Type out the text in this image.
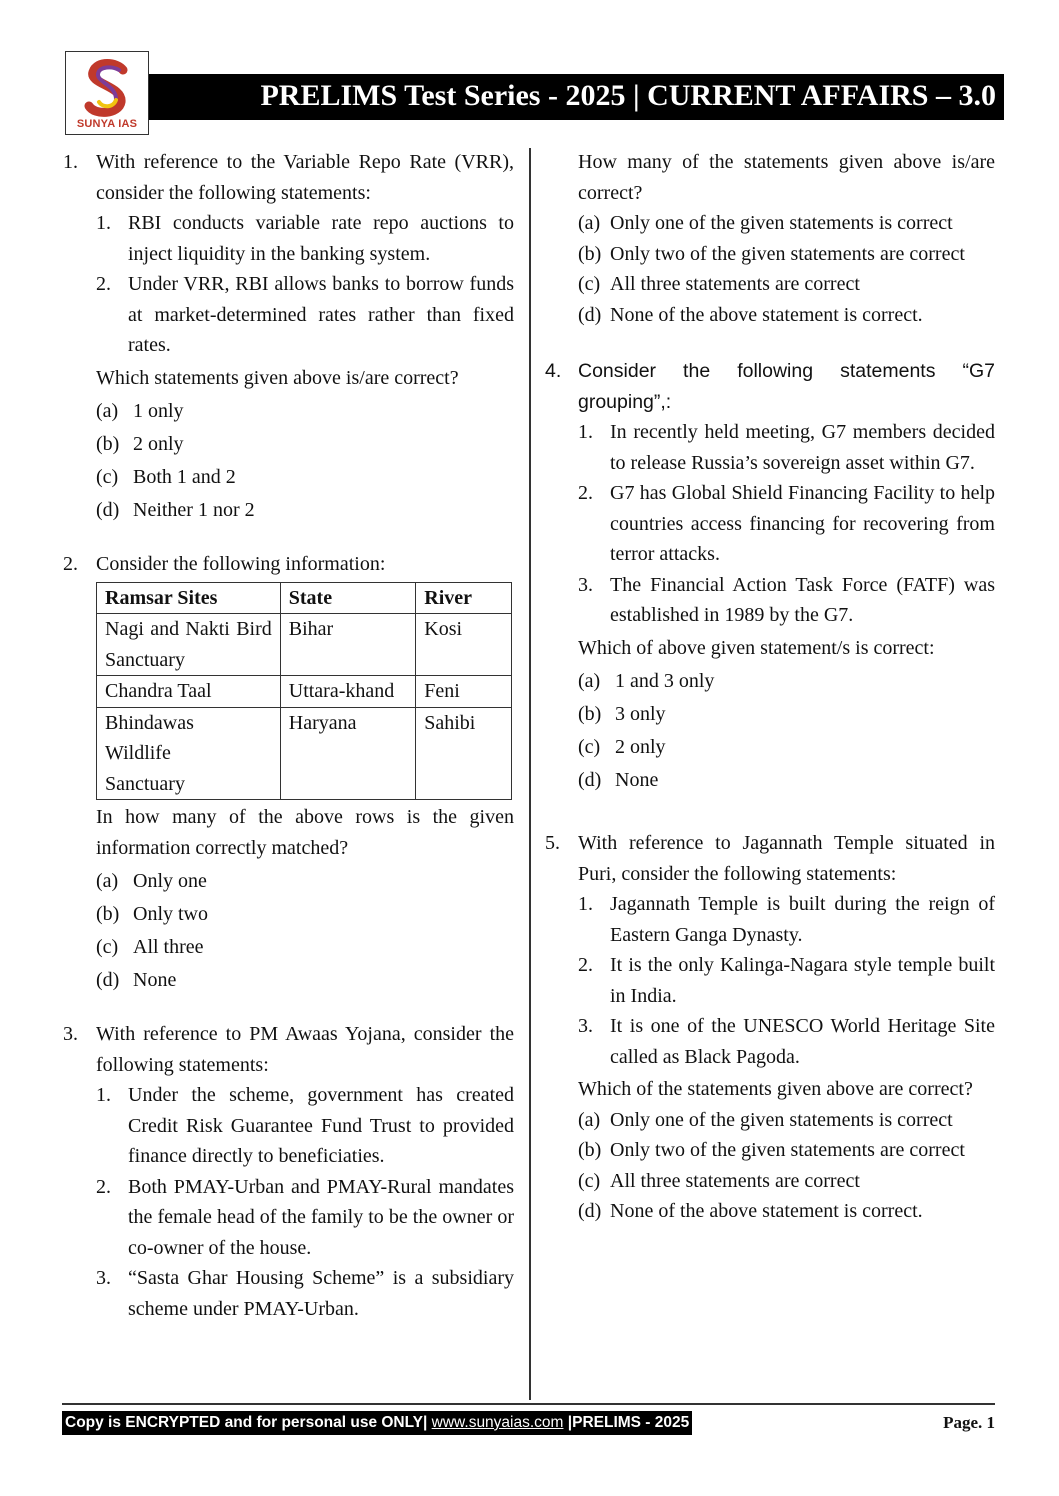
SUNYA IAS
PRELIMS Test Series - 2025 | CURRENT AFFAIRS – 3.0
1. With reference to the Variable Repo Rate (VRR), consider the following statements:
1. RBI conducts variable rate repo auctions to inject liquidity in the banking system.
2. Under VRR, RBI allows banks to borrow funds at market-determined rates rather than fixed rates.
Which statements given above is/are correct?
(a) 1 only
(b) 2 only
(c) Both 1 and 2
(d) Neither 1 nor 2
2. Consider the following information:
Ramsar Sites	State	River
Nagi and Nakti Bird Sanctuary	Bihar	Kosi
Chandra Taal	Uttara-khand	Feni
Bhindawas Wildlife Sanctuary	Haryana	Sahibi
In how many of the above rows is the given information correctly matched?
(a) Only one
(b) Only two
(c) All three
(d) None
3. With reference to PM Awaas Yojana, consider the following statements:
1. Under the scheme, government has created Credit Risk Guarantee Fund Trust to provided finance directly to beneficiaties.
2. Both PMAY-Urban and PMAY-Rural mandates the female head of the family to be the owner or co-owner of the house.
3. “Sasta Ghar Housing Scheme” is a subsidiary scheme under PMAY-Urban.
How many of the statements given above is/are correct?
(a) Only one of the given statements is correct
(b) Only two of the given statements are correct
(c) All three statements are correct
(d) None of the above statement is correct.
4. Consider the following statements “G7 grouping”,:
1. In recently held meeting, G7 members decided to release Russia’s sovereign asset within G7.
2. G7 has Global Shield Financing Facility to help countries access financing for recovering from terror attacks.
3. The Financial Action Task Force (FATF) was established in 1989 by the G7.
Which of above given statement/s is correct:
(a) 1 and 3 only
(b) 3 only
(c) 2 only
(d) None
5. With reference to Jagannath Temple situated in Puri, consider the following statements:
1. Jagannath Temple is built during the reign of Eastern Ganga Dynasty.
2. It is the only Kalinga-Nagara style temple built in India.
3. It is one of the UNESCO World Heritage Site called as Black Pagoda.
Which of the statements given above are correct?
(a) Only one of the given statements is correct
(b) Only two of the given statements are correct
(c) All three statements are correct
(d) None of the above statement is correct.
Copy is ENCRYPTED and for personal use ONLY| www.sunyaias.com |PRELIMS - 2025	Page. 1
